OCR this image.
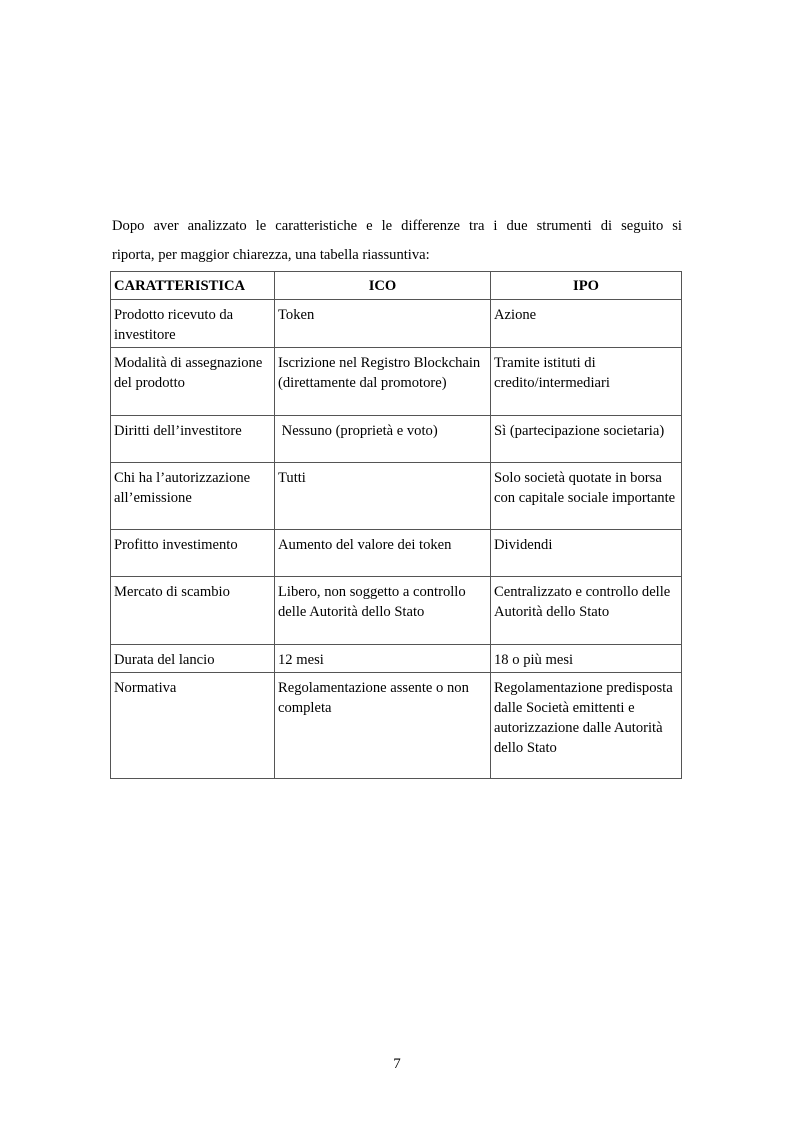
Dopo aver analizzato le caratteristiche e le differenze tra i due strumenti di seguito si
riporta, per maggior chiarezza, una tabella riassuntiva:
CARATTERISTICA	ICO	IPO
Prodotto ricevuto da investitore	Token	Azione
Modalità di assegnazione del prodotto	Iscrizione nel Registro Blockchain (direttamente dal promotore)	Tramite istituti di credito/intermediari
Diritti dell’investitore	Nessuno (proprietà e voto)	Sì (partecipazione societaria)
Chi ha l’autorizzazione all’emissione	Tutti	Solo società quotate in borsa con capitale sociale importante
Profitto investimento	Aumento del valore dei token	Dividendi
Mercato di scambio	Libero, non soggetto a controllo delle Autorità dello Stato	Centralizzato e controllo delle Autorità dello Stato
Durata del lancio	12 mesi	18 o più mesi
Normativa	Regolamentazione assente o non completa	Regolamentazione predisposta dalle Società emittenti e autorizzazione dalle Autorità dello Stato
7
